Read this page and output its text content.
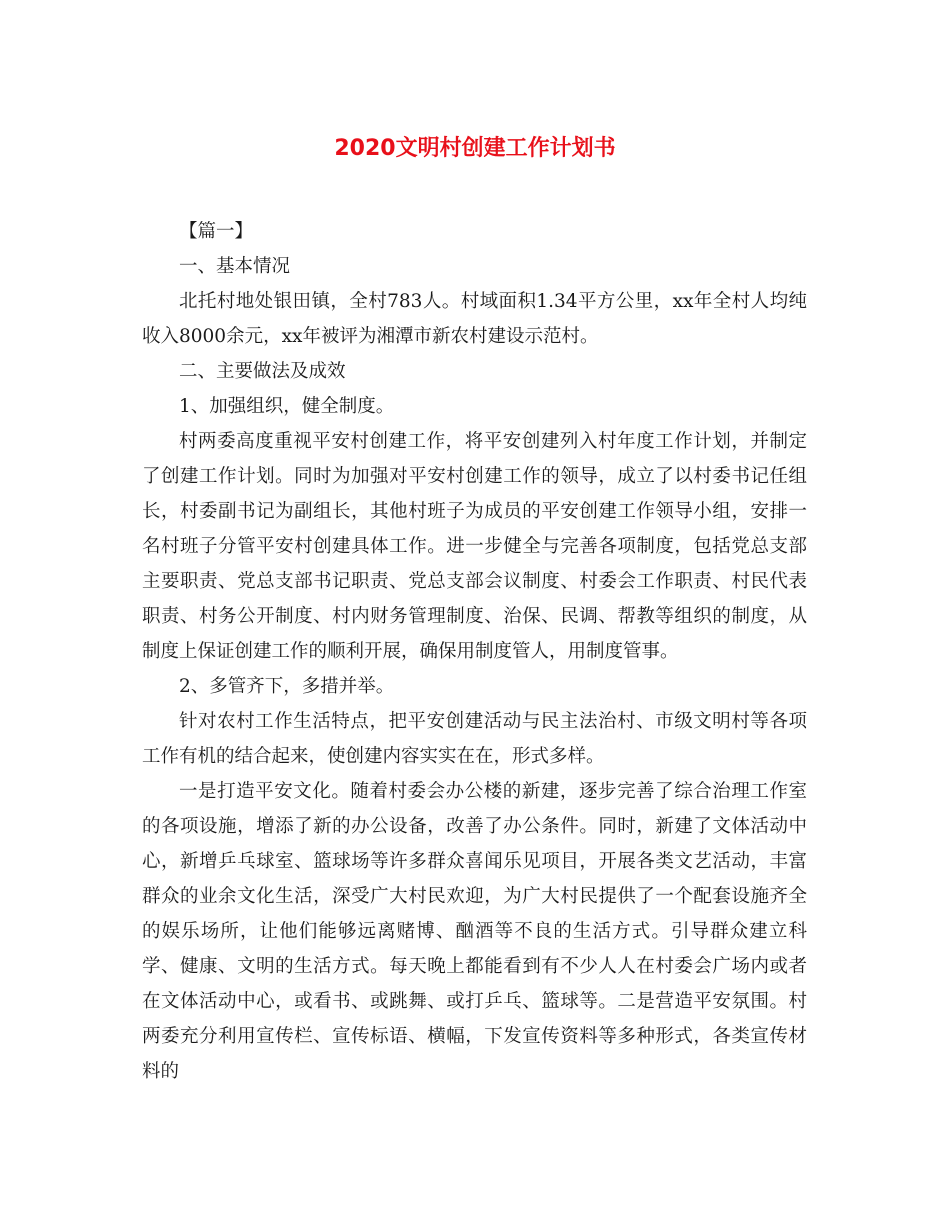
2020文明村创建工作计划书

【篇一】

一、基本情况

北托村地处银田镇，全村783人。村域面积1.34平方公里，xx年全村人均纯收入8000余元，xx年被评为湘潭市新农村建设示范村。

二、主要做法及成效

1、加强组织，健全制度。

村两委高度重视平安村创建工作，将平安创建列入村年度工作计划，并制定了创建工作计划。同时为加强对平安村创建工作的领导，成立了以村委书记任组长，村委副书记为副组长，其他村班子为成员的平安创建工作领导小组，安排一名村班子分管平安村创建具体工作。进一步健全与完善各项制度，包括党总支部主要职责、党总支部书记职责、党总支部会议制度、村委会工作职责、村民代表职责、村务公开制度、村内财务管理制度、治保、民调、帮教等组织的制度，从制度上保证创建工作的顺利开展，确保用制度管人，用制度管事。

2、多管齐下，多措并举。

针对农村工作生活特点，把平安创建活动与民主法治村、市级文明村等各项工作有机的结合起来，使创建内容实实在在，形式多样。

一是打造平安文化。随着村委会办公楼的新建，逐步完善了综合治理工作室的各项设施，增添了新的办公设备，改善了办公条件。同时，新建了文体活动中心，新增乒乓球室、篮球场等许多群众喜闻乐见项目，开展各类文艺活动，丰富群众的业余文化生活，深受广大村民欢迎，为广大村民提供了一个配套设施齐全的娱乐场所，让他们能够远离赌博、酗酒等不良的生活方式。引导群众建立科学、健康、文明的生活方式。每天晚上都能看到有不少人人在村委会广场内或者在文体活动中心，或看书、或跳舞、或打乒乓、篮球等。二是营造平安氛围。村两委充分利用宣传栏、宣传标语、横幅，下发宣传资料等多种形式，各类宣传材料的
